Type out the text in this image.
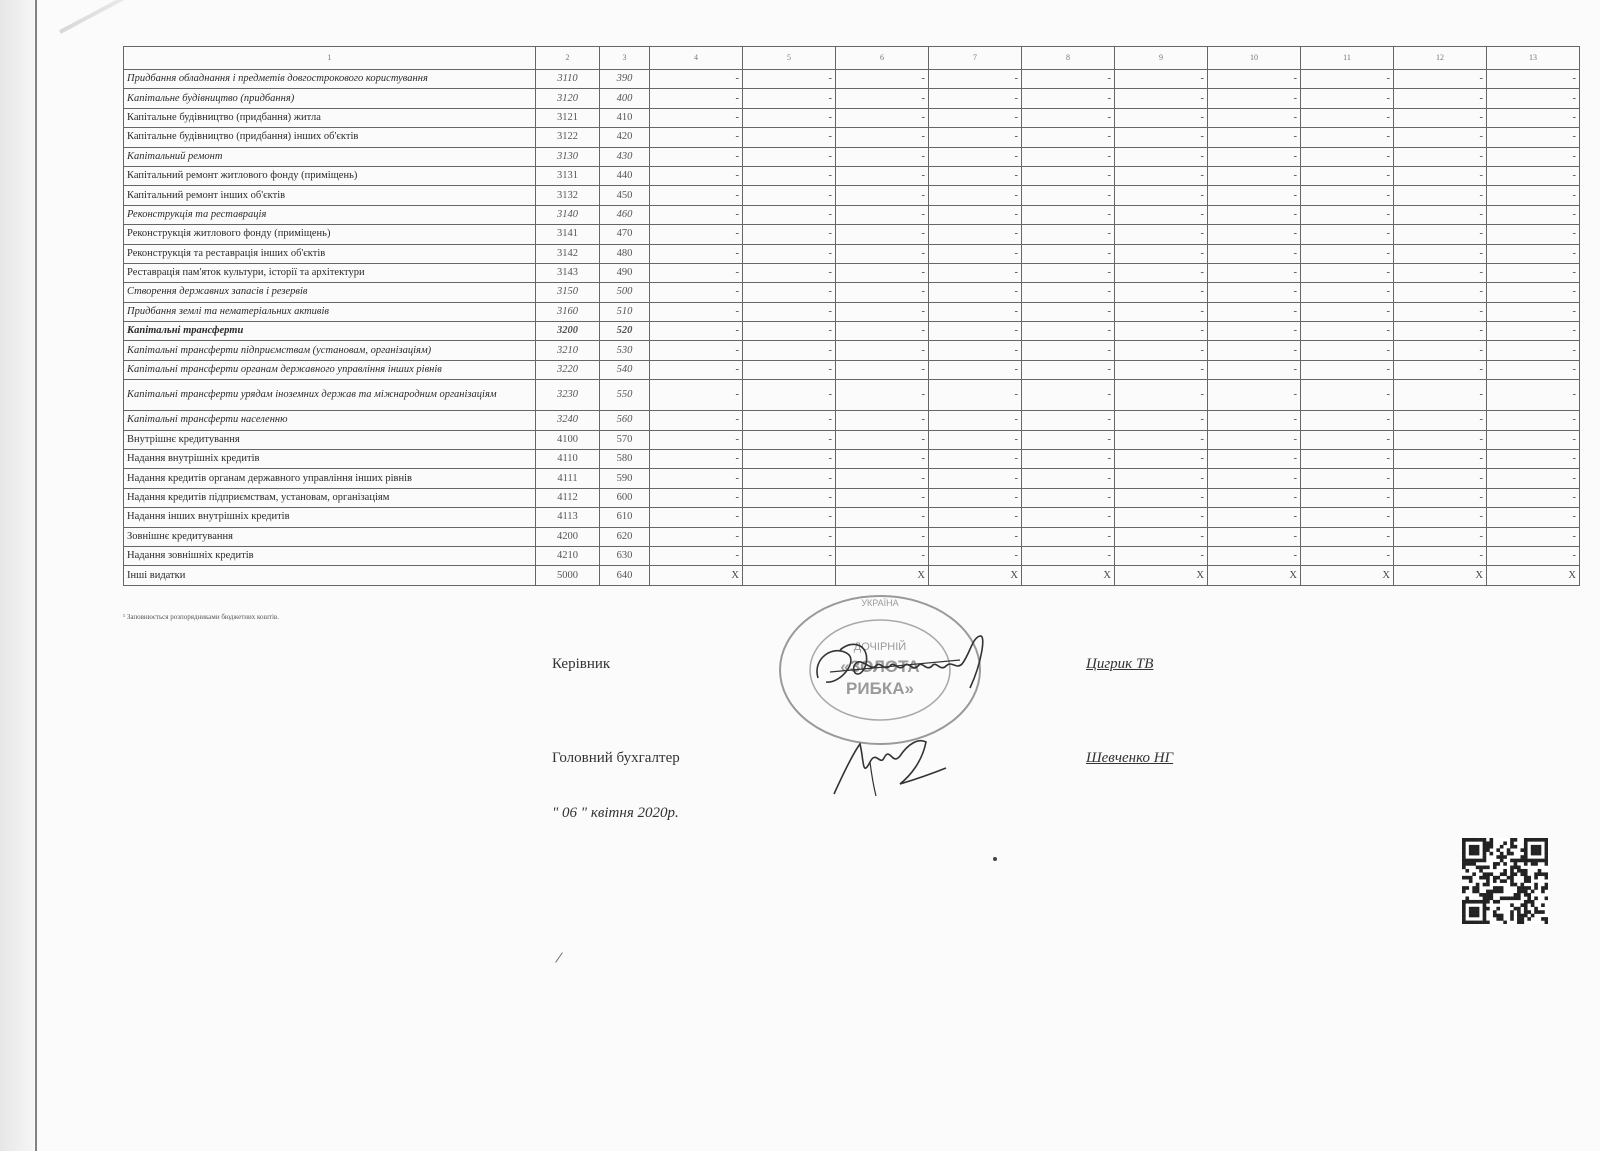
1	2	3	4	5	6	7	8	9	10	11	12	13
Придбання обладнання і предметів довгострокового користування	3110	390	-	-	-	-	-	-	-	-	-	-
Капітальне будівництво (придбання)	3120	400	-	-	-	-	-	-	-	-	-	-
Капітальне будівництво (придбання) житла	3121	410	-	-	-	-	-	-	-	-	-	-
Капітальне будівництво (придбання) інших об'єктів	3122	420	-	-	-	-	-	-	-	-	-	-
Капітальний ремонт	3130	430	-	-	-	-	-	-	-	-	-	-
Капітальний ремонт житлового фонду (приміщень)	3131	440	-	-	-	-	-	-	-	-	-	-
Капітальний ремонт інших об'єктів	3132	450	-	-	-	-	-	-	-	-	-	-
Реконструкція та реставрація	3140	460	-	-	-	-	-	-	-	-	-	-
Реконструкція житлового фонду (приміщень)	3141	470	-	-	-	-	-	-	-	-	-	-
Реконструкція та реставрація інших об'єктів	3142	480	-	-	-	-	-	-	-	-	-	-
Реставрація пам'яток культури, історії та архітектури	3143	490	-	-	-	-	-	-	-	-	-	-
Створення державних запасів і резервів	3150	500	-	-	-	-	-	-	-	-	-	-
Придбання землі та нематеріальних активів	3160	510	-	-	-	-	-	-	-	-	-	-
Капітальні трансферти	3200	520	-	-	-	-	-	-	-	-	-	-
Капітальні трансферти підприємствам (установам, організаціям)	3210	530	-	-	-	-	-	-	-	-	-	-
Капітальні трансферти органам державного управління інших рівнів	3220	540	-	-	-	-	-	-	-	-	-	-
Капітальні трансферти урядам іноземних держав та міжнародним організаціям	3230	550	-	-	-	-	-	-	-	-	-	-
Капітальні трансферти населенню	3240	560	-	-	-	-	-	-	-	-	-	-
Внутрішнє кредитування	4100	570	-	-	-	-	-	-	-	-	-	-
Надання внутрішніх кредитів	4110	580	-	-	-	-	-	-	-	-	-	-
Надання кредитів органам державного управління інших рівнів	4111	590	-	-	-	-	-	-	-	-	-	-
Надання кредитів підприємствам, установам, організаціям	4112	600	-	-	-	-	-	-	-	-	-	-
Надання інших внутрішніх кредитів	4113	610	-	-	-	-	-	-	-	-	-	-
Зовнішнє кредитування	4200	620	-	-	-	-	-	-	-	-	-	-
Надання зовнішніх кредитів	4210	630	-	-	-	-	-	-	-	-	-	-
Інші видатки	5000	640	X		X	X	X	X	X	X	X	X
¹ Заповнюється розпорядниками бюджетних коштів.
Керівник	Цигрик ТВ
Головний бухгалтер	Шевченко НГ
" 06 " квітня 2020р.
УКРАЇНА
ДОЧІРНІЙ
«ЗОЛОТА
РИБКА»
